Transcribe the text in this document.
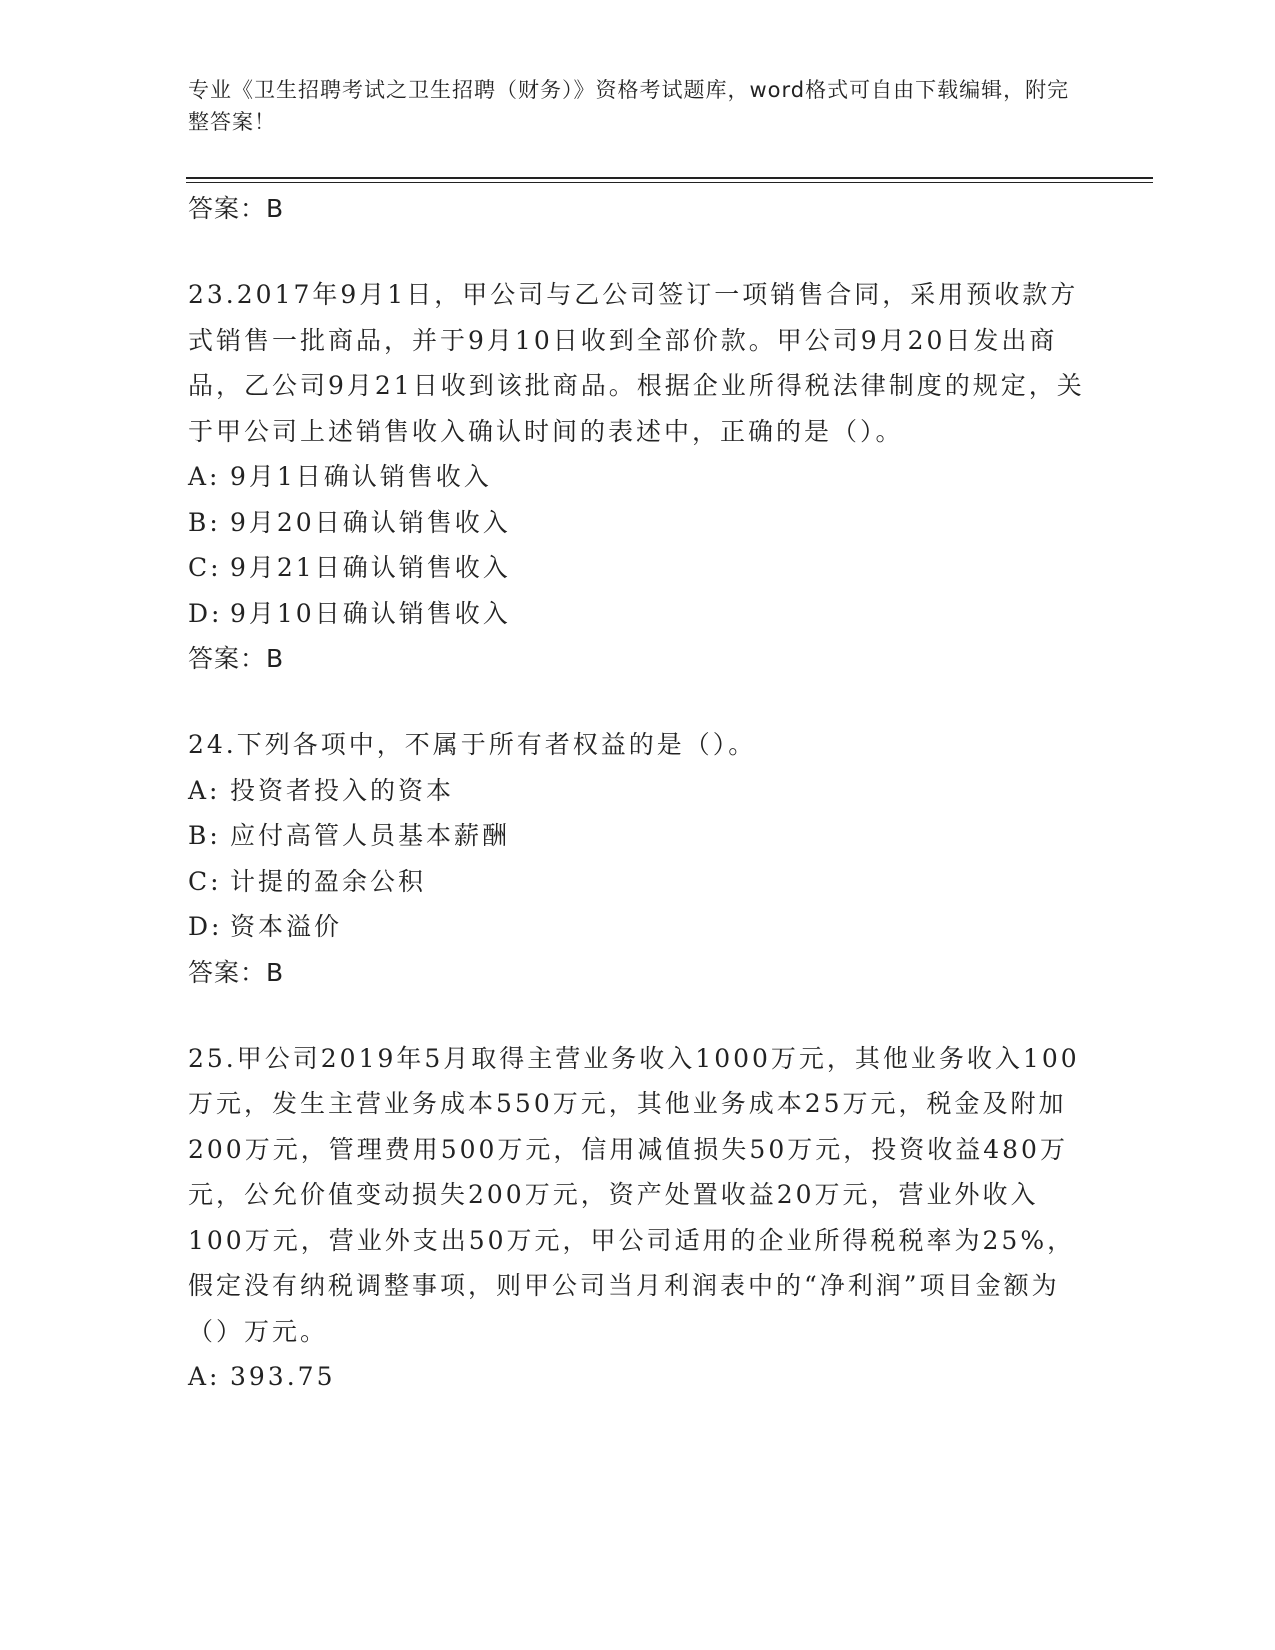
专业《卫生招聘考试之卫生招聘（财务）》资格考试题库，word格式可自由下载编辑，附完整答案！

答案：B

23.2017年9月1日，甲公司与乙公司签订一项销售合同，采用预收款方式销售一批商品，并于9月10日收到全部价款。甲公司9月20日发出商品，乙公司9月21日收到该批商品。根据企业所得税法律制度的规定，关于甲公司上述销售收入确认时间的表述中，正确的是（）。

A: 9月1日确认销售收入
B: 9月20日确认销售收入
C: 9月21日确认销售收入
D: 9月10日确认销售收入

答案：B

24.下列各项中，不属于所有者权益的是（）。

A: 投资者投入的资本
B: 应付高管人员基本薪酬
C: 计提的盈余公积
D: 资本溢价

答案：B

25.甲公司2019年5月取得主营业务收入1000万元，其他业务收入100万元，发生主营业务成本550万元，其他业务成本25万元，税金及附加200万元，管理费用500万元，信用减值损失50万元，投资收益480万元，公允价值变动损失200万元，资产处置收益20万元，营业外收入100万元，营业外支出50万元，甲公司适用的企业所得税税率为25%，假定没有纳税调整事项，则甲公司当月利润表中的“净利润”项目金额为（）万元。

A: 393.75
